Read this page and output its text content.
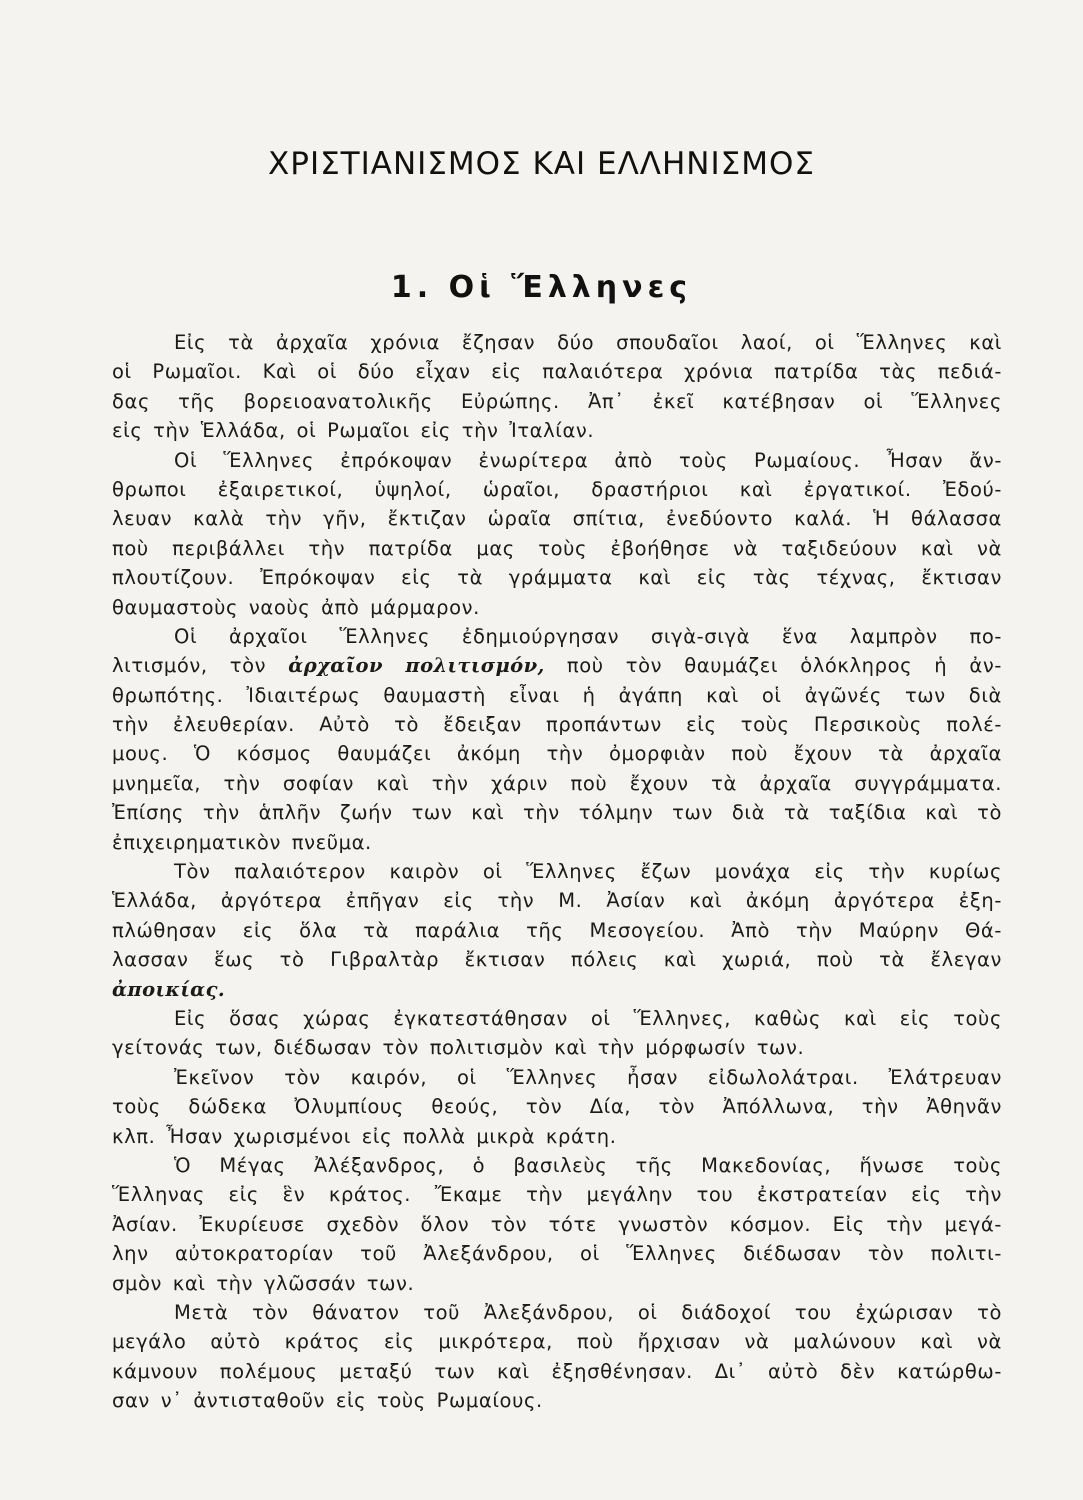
ΧΡΙΣΤΙΑΝΙΣΜΟΣ ΚΑΙ ΕΛΛΗΝΙΣΜΟΣ
1. Οἱ Ἕλληνες
Εἰς τὰ ἀρχαῖα χρόνια ἔζησαν δύο σπουδαῖοι λαοί, οἱ Ἕλληνες καὶ
οἱ Ρωμαῖοι. Καὶ οἱ δύο εἶχαν εἰς παλαιότερα χρόνια πατρίδα τὰς πεδιά-
δας τῆς βορειοανατολικῆς Εὐρώπης. Ἀπ᾿ ἐκεῖ κατέβησαν οἱ Ἕλληνες
εἰς τὴν Ἑλλάδα, οἱ Ρωμαῖοι εἰς τὴν Ἰταλίαν.
Οἱ Ἕλληνες ἐπρόκοψαν ἐνωρίτερα ἀπὸ τοὺς Ρωμαίους. Ἦσαν ἄν-
θρωποι ἐξαιρετικοί, ὑψηλοί, ὡραῖοι, δραστήριοι καὶ ἐργατικοί. Ἐδού-
λευαν καλὰ τὴν γῆν, ἔκτιζαν ὡραῖα σπίτια, ἐνεδύοντο καλά. Ἡ θάλασσα
ποὺ περιβάλλει τὴν πατρίδα μας τοὺς ἐβοήθησε νὰ ταξιδεύουν καὶ νὰ
πλουτίζουν. Ἐπρόκοψαν εἰς τὰ γράμματα καὶ εἰς τὰς τέχνας, ἔκτισαν
θαυμαστοὺς ναοὺς ἀπὸ μάρμαρον.
Οἱ ἀρχαῖοι Ἕλληνες ἐδημιούργησαν σιγὰ-σιγὰ ἕνα λαμπρὸν πο-
λιτισμόν, τὸν ἀρχαῖον πολιτισμόν, ποὺ τὸν θαυμάζει ὁλόκληρος ἡ ἀν-
θρωπότης. Ἰδιαιτέρως θαυμαστὴ εἶναι ἡ ἀγάπη καὶ οἱ ἀγῶνές των διὰ
τὴν ἐλευθερίαν. Αὐτὸ τὸ ἔδειξαν προπάντων εἰς τοὺς Περσικοὺς πολέ-
μους. Ὁ κόσμος θαυμάζει ἀκόμη τὴν ὀμορφιὰν ποὺ ἔχουν τὰ ἀρχαῖα
μνημεῖα, τὴν σοφίαν καὶ τὴν χάριν ποὺ ἔχουν τὰ ἀρχαῖα συγγράμματα.
Ἐπίσης τὴν ἁπλῆν ζωήν των καὶ τὴν τόλμην των διὰ τὰ ταξίδια καὶ τὸ
ἐπιχειρηματικὸν πνεῦμα.
Τὸν παλαιότερον καιρὸν οἱ Ἕλληνες ἔζων μονάχα εἰς τὴν κυρίως
Ἑλλάδα, ἀργότερα ἐπῆγαν εἰς τὴν Μ. Ἀσίαν καὶ ἀκόμη ἀργότερα ἐξη-
πλώθησαν εἰς ὅλα τὰ παράλια τῆς Μεσογείου. Ἀπὸ τὴν Μαύρην Θά-
λασσαν ἕως τὸ Γιβραλτὰρ ἔκτισαν πόλεις καὶ χωριά, ποὺ τὰ ἔλεγαν
ἀποικίας.
Εἰς ὅσας χώρας ἐγκατεστάθησαν οἱ Ἕλληνες, καθὼς καὶ εἰς τοὺς
γείτονάς των, διέδωσαν τὸν πολιτισμὸν καὶ τὴν μόρφωσίν των.
Ἐκεῖνον τὸν καιρόν, οἱ Ἕλληνες ἦσαν εἰδωλολάτραι. Ἐλάτρευαν
τοὺς δώδεκα Ὀλυμπίους θεούς, τὸν Δία, τὸν Ἀπόλλωνα, τὴν Ἀθηνᾶν
κλπ. Ἦσαν χωρισμένοι εἰς πολλὰ μικρὰ κράτη.
Ὁ Μέγας Ἀλέξανδρος, ὁ βασιλεὺς τῆς Μακεδονίας, ἥνωσε τοὺς
Ἕλληνας εἰς ἓν κράτος. Ἔκαμε τὴν μεγάλην του ἐκστρατείαν εἰς τὴν
Ἀσίαν. Ἐκυρίευσε σχεδὸν ὅλον τὸν τότε γνωστὸν κόσμον. Εἰς τὴν μεγά-
λην αὐτοκρατορίαν τοῦ Ἀλεξάνδρου, οἱ Ἕλληνες διέδωσαν τὸν πολιτι-
σμὸν καὶ τὴν γλῶσσάν των.
Μετὰ τὸν θάνατον τοῦ Ἀλεξάνδρου, οἱ διάδοχοί του ἐχώρισαν τὸ
μεγάλο αὐτὸ κράτος εἰς μικρότερα, ποὺ ἤρχισαν νὰ μαλώνουν καὶ νὰ
κάμνουν πολέμους μεταξύ των καὶ ἐξησθένησαν. Δι᾿ αὐτὸ δὲν κατώρθω-
σαν ν᾿ ἀντισταθοῦν εἰς τοὺς Ρωμαίους.
